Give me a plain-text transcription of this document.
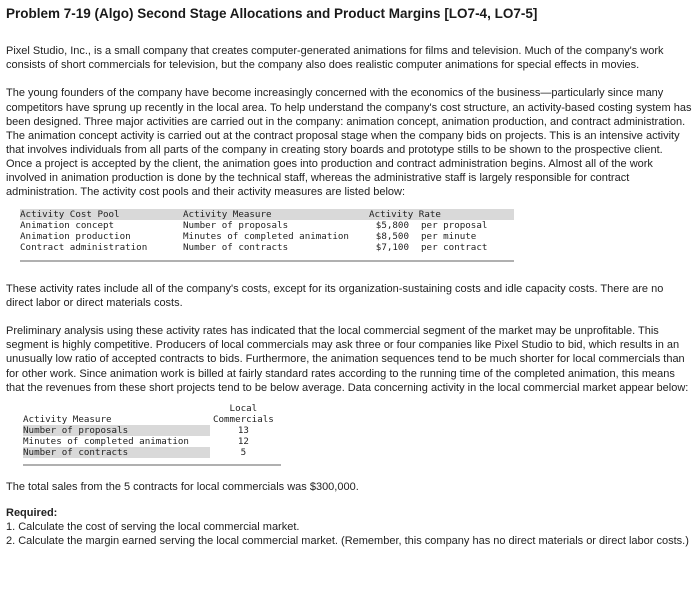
Problem 7-19 (Algo) Second Stage Allocations and Product Margins [LO7-4, LO7-5]

Pixel Studio, Inc., is a small company that creates computer-generated animations for films and television. Much of the company's work consists of short commercials for television, but the company also does realistic computer animations for special effects in movies.

The young founders of the company have become increasingly concerned with the economics of the business—particularly since many competitors have sprung up recently in the local area. To help understand the company's cost structure, an activity-based costing system has been designed. Three major activities are carried out in the company: animation concept, animation production, and contract administration. The animation concept activity is carried out at the contract proposal stage when the company bids on projects. This is an intensive activity that involves individuals from all parts of the company in creating story boards and prototype stills to be shown to the prospective client. Once a project is accepted by the client, the animation goes into production and contract administration begins. Almost all of the work involved in animation production is done by the technical staff, whereas the administrative staff is largely responsible for contract administration. The activity cost pools and their activity measures are listed below:

Activity Cost Pool	Activity Measure	Activity Rate	
Animation concept	Number of proposals	$5,800	per proposal
Animation production	Minutes of completed animation	$8,500	per minute
Contract administration	Number of contracts	$7,100	per contract

These activity rates include all of the company's costs, except for its organization-sustaining costs and idle capacity costs. There are no direct labor or direct materials costs.

Preliminary analysis using these activity rates has indicated that the local commercial segment of the market may be unprofitable. This segment is highly competitive. Producers of local commercials may ask three or four companies like Pixel Studio to bid, which results in an unusually low ratio of accepted contracts to bids. Furthermore, the animation sequences tend to be much shorter for local commercials than for other work. Since animation work is billed at fairly standard rates according to the running time of the completed animation, this means that the revenues from these short projects tend to be below average. Data concerning activity in the local commercial market appear below:

Activity Measure	Local
Commercials

Number of proposals	13
Minutes of completed animation	12
Number of contracts	5

The total sales from the 5 contracts for local commercials was $300,000.

Required:

1. Calculate the cost of serving the local commercial market.

2. Calculate the margin earned serving the local commercial market. (Remember, this company has no direct materials or direct labor costs.)
